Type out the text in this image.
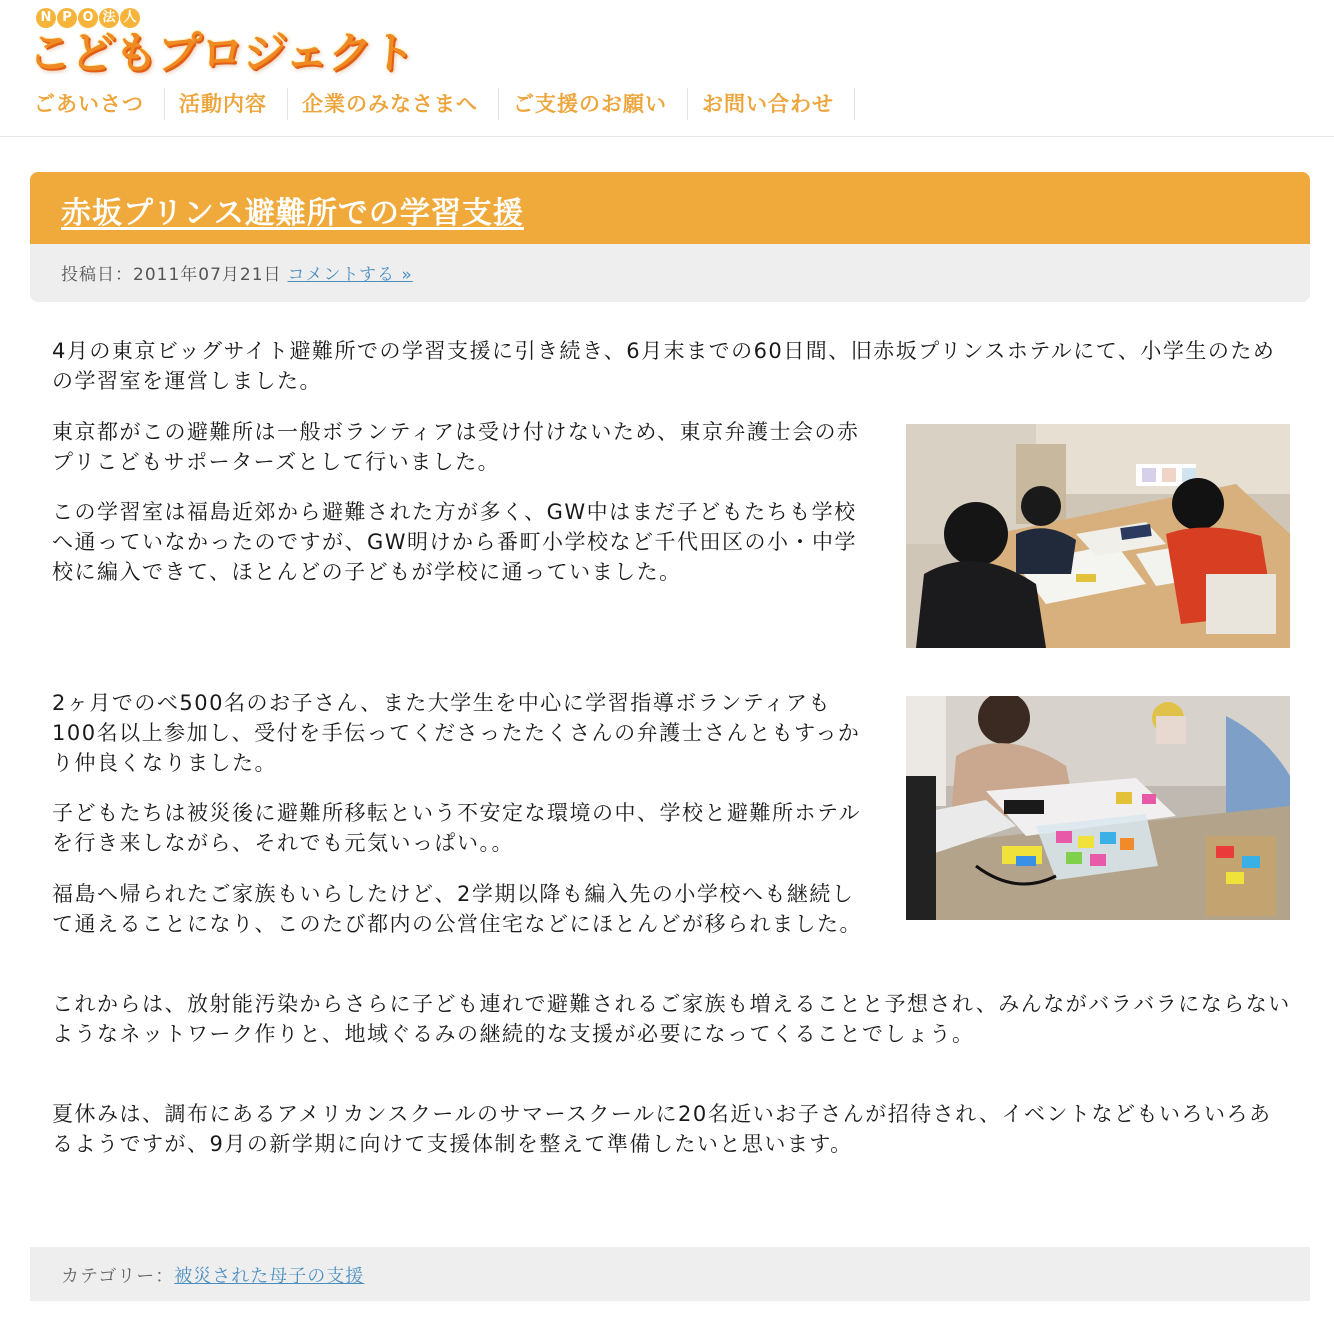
N P O 法 人
こどもプロジェクト
ごあいさつ	活動内容	企業のみなさまへ	ご支援のお願い	お問い合わせ
赤坂プリンス避難所での学習支援
投稿日：2011年07月21日 コメントする »

4月の東京ビッグサイト避難所での学習支援に引き続き、6月末までの60日間、旧赤坂プリンスホテルにて、小学生のための学習室を運営しました。

東京都がこの避難所は一般ボランティアは受け付けないため、東京弁護士会の赤プリこどもサポーターズとして行いました。

この学習室は福島近郊から避難された方が多く、GW中はまだ子どもたちも学校へ通っていなかったのですが、GW明けから番町小学校など千代田区の小・中学校に編入できて、ほとんどの子どもが学校に通っていました。

2ヶ月でのべ500名のお子さん、また大学生を中心に学習指導ボランティアも100名以上参加し、受付を手伝ってくださったたくさんの弁護士さんともすっかり仲良くなりました。

子どもたちは被災後に避難所移転という不安定な環境の中、学校と避難所ホテルを行き来しながら、それでも元気いっぱい。。

福島へ帰られたご家族もいらしたけど、2学期以降も編入先の小学校へも継続して通えることになり、このたび都内の公営住宅などにほとんどが移られました。

これからは、放射能汚染からさらに子ども連れで避難されるご家族も増えることと予想され、みんながバラバラにならないようなネットワーク作りと、地域ぐるみの継続的な支援が必要になってくることでしょう。

夏休みは、調布にあるアメリカンスクールのサマースクールに20名近いお子さんが招待され、イベントなどもいろいろあるようですが、9月の新学期に向けて支援体制を整えて準備したいと思います。

カテゴリー：被災された母子の支援
